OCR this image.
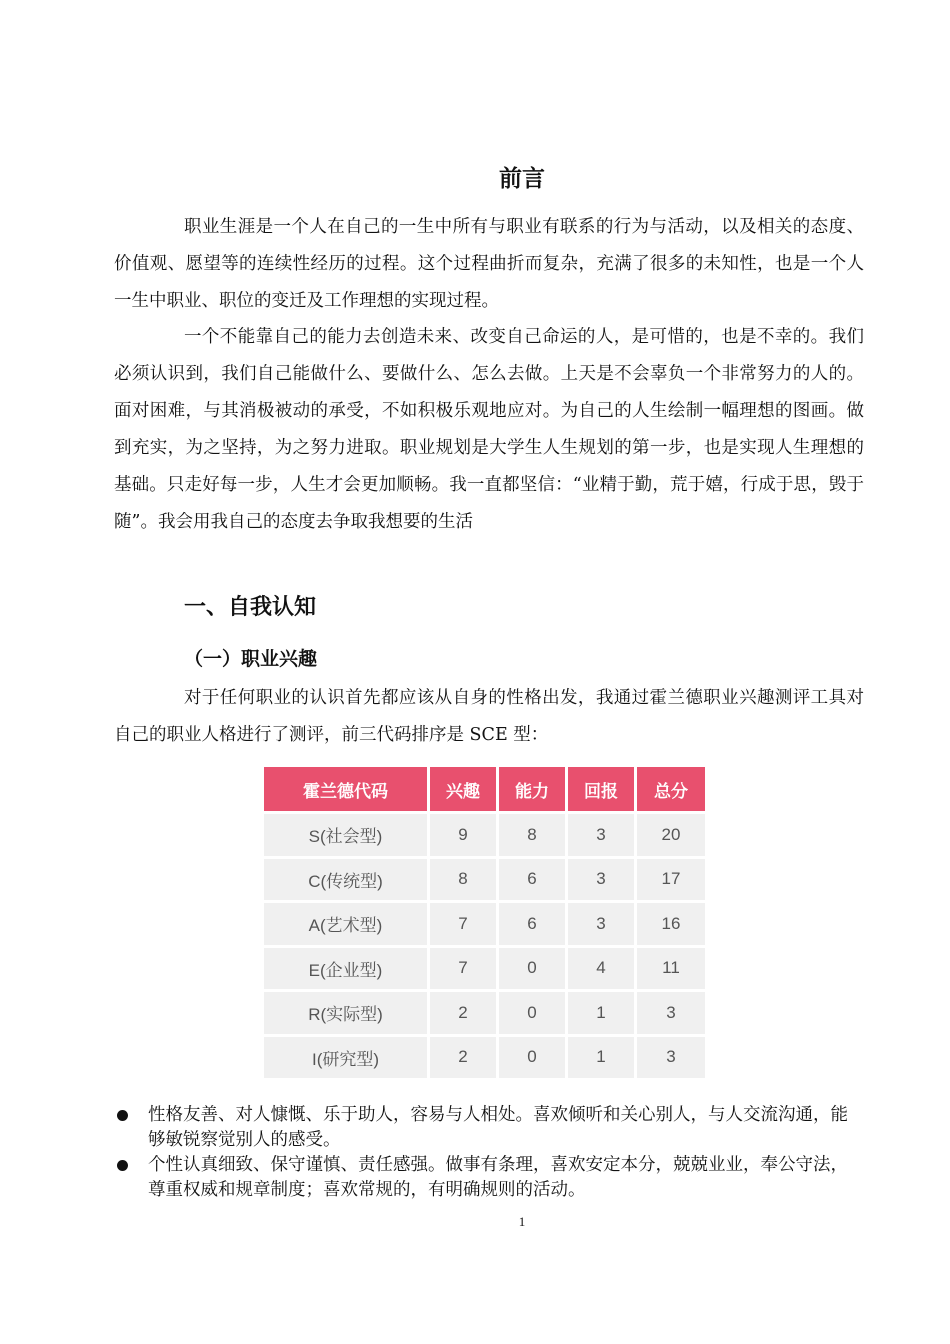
前言

职业生涯是一个人在自己的一生中所有与职业有联系的行为与活动，以及相关的态度、价值观、愿望等的连续性经历的过程。这个过程曲折而复杂，充满了很多的未知性，也是一个人一生中职业、职位的变迁及工作理想的实现过程。

一个不能靠自己的能力去创造未来、改变自己命运的人，是可惜的，也是不幸的。我们必须认识到，我们自己能做什么、要做什么、怎么去做。上天是不会辜负一个非常努力的人的。面对困难，与其消极被动的承受，不如积极乐观地应对。为自己的人生绘制一幅理想的图画。做到充实，为之坚持，为之努力进取。职业规划是大学生人生规划的第一步，也是实现人生理想的基础。只走好每一步，人生才会更加顺畅。我一直都坚信：“业精于勤，荒于嬉，行成于思，毁于随”。我会用我自己的态度去争取我想要的生活

一、自我认知
（一）职业兴趣

对于任何职业的认识首先都应该从自身的性格出发，我通过霍兰德职业兴趣测评工具对自己的职业人格进行了测评，前三代码排序是 SCE 型：

霍兰德代码	兴趣	能力	回报	总分
S(社会型)	9	8	3	20
C(传统型)	8	6	3	17
A(艺术型)	7	6	3	16
E(企业型)	7	0	4	11
R(实际型)	2	0	1	3
I(研究型)	2	0	1	3
性格友善、对人慷慨、乐于助人，容易与人相处。喜欢倾听和关心别人，与人交流沟通，能够敏锐察觉别人的感受。
个性认真细致、保守谨慎、责任感强。做事有条理，喜欢安定本分，兢兢业业，奉公守法，尊重权威和规章制度；喜欢常规的，有明确规则的活动。
1
